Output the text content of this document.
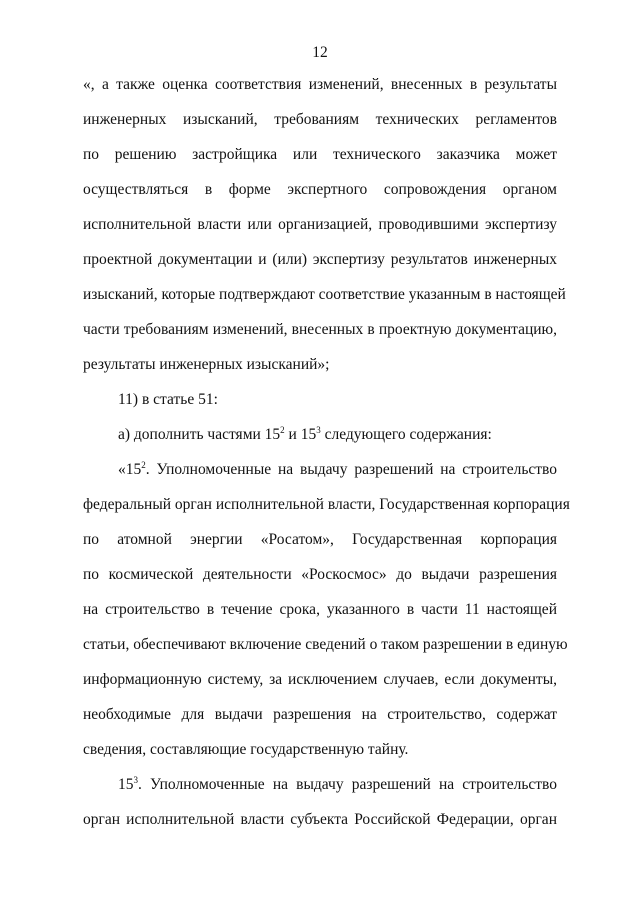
12
«, а также оценка соответствия изменений, внесенных в результаты
инженерных изысканий, требованиям технических регламентов
по решению застройщика или технического заказчика может
осуществляться в форме экспертного сопровождения органом
исполнительной власти или организацией, проводившими экспертизу
проектной документации и (или) экспертизу результатов инженерных
изысканий, которые подтверждают соответствие указанным в настоящей
части требованиям изменений, внесенных в проектную документацию,
результаты инженерных изысканий»;
11) в статье 51:
а) дополнить частями $15^2$ и $15^3$ следующего содержания:
«$15^2$. Уполномоченные на выдачу разрешений на строительство
федеральный орган исполнительной власти, Государственная корпорация
по атомной энергии «Росатом», Государственная корпорация
по космической деятельности «Роскосмос» до выдачи разрешения
на строительство в течение срока, указанного в части 11 настоящей
статьи, обеспечивают включение сведений о таком разрешении в единую
информационную систему, за исключением случаев, если документы,
необходимые для выдачи разрешения на строительство, содержат
сведения, составляющие государственную тайну.
$15^3$. Уполномоченные на выдачу разрешений на строительство
орган исполнительной власти субъекта Российской Федерации, орган
